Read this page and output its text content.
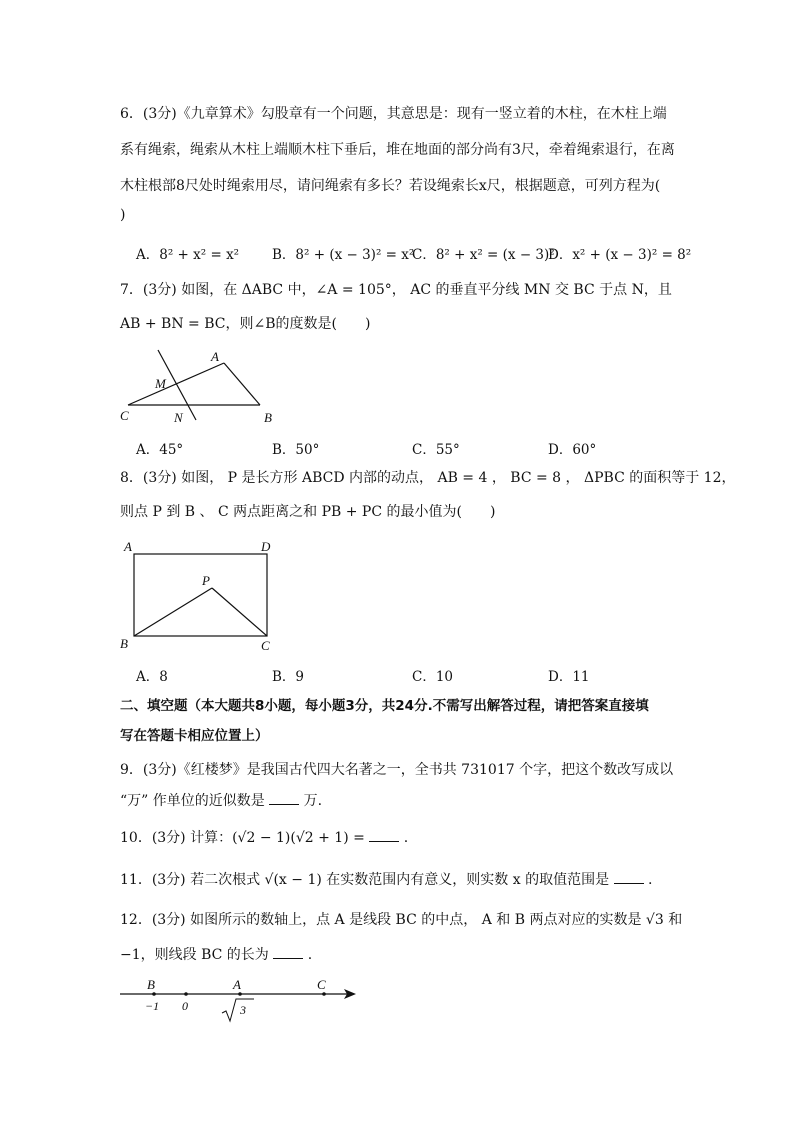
6．(3分)《九章算术》勾股章有一个问题，其意思是：现有一竖立着的木柱，在木柱上端
系有绳索，绳索从木柱上端顺木柱下垂后，堆在地面的部分尚有3尺，牵着绳索退行，在离
木柱根部8尺处时绳索用尽，请问绳索有多长？若设绳索长x尺，根据题意，可列方程为(
)
A．8² + x² = x² B．8² + (x − 3)² = x²
C．8² + x² = (x − 3)²
D．x² + (x − 3)² = 8²
7．(3分) 如图，在 ΔABC 中，∠A = 105°， AC 的垂直平分线 MN 交 BC 于点 N，且
AB + BN = BC，则∠B的度数是(　　)
A
M
C	N	B
A．45°	B．50°	C．55°	D．60°
8．(3分) 如图， P 是长方形 ABCD 内部的动点， AB = 4 ， BC = 8 ， ΔPBC 的面积等于 12，
则点 P 到 B 、 C 两点距离之和 PB + PC 的最小值为(　　)
A	D
P
B	C
A．8	B．9	C．10	D．11
二、填空题（本大题共8小题，每小题3分，共24分.不需写出解答过程，请把答案直接填
写在答题卡相应位置上）
9．(3分)《红楼梦》是我国古代四大名著之一，全书共 731017 个字，把这个数改写成以
“万” 作单位的近似数是	万.
10．(3分) 计算：(√2 − 1)(√2 + 1) =	.
11．(3分) 若二次根式 √(x − 1) 在实数范围内有意义，则实数 x 的取值范围是	.
12．(3分) 如图所示的数轴上，点 A 是线段 BC 的中点， A 和 B 两点对应的实数是 √3 和
−1，则线段 BC 的长为	.
B	A	C
−1 0	3
